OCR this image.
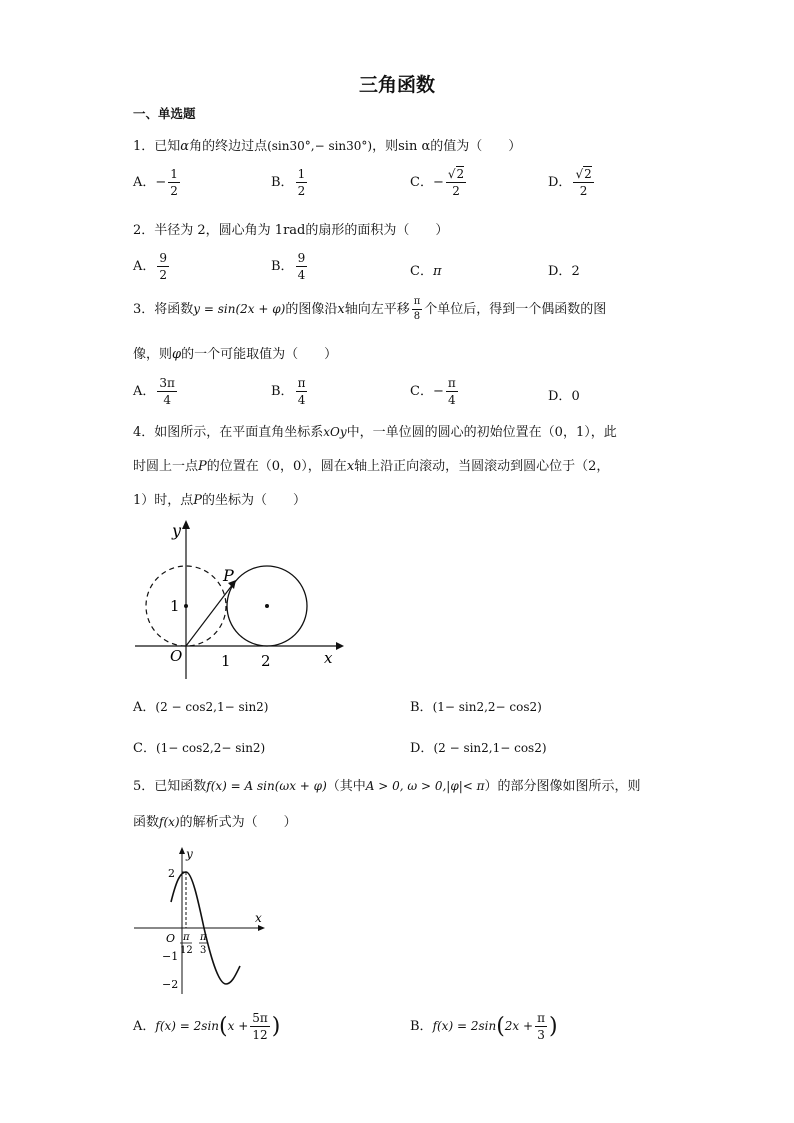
三角函数
一、单选题
1．已知α角的终边过点(sin30°,− sin30°)，则sin α的值为（　　）
A．− $\frac{1}{2}$	B． $\frac{1}{2}$	C．− $\frac{√2}{2}$	D． $\frac{√2}{2}$
2．半径为 2，圆心角为 1rad的扇形的面积为（　　）
A． $\frac{9}{2}$	B． $\frac{9}{4}$	C．π	D．2
3．将函数y = sin(2x + φ)的图像沿x轴向左平移 $\frac{\pi}{8}$ 个单位后，得到一个偶函数的图
像，则φ的一个可能取值为（　　）
A． $\frac{3\pi}{4}$	B． $\frac{\pi}{4}$	C．− $\frac{\pi}{4}$	D．0
4．如图所示，在平面直角坐标系xOy中，一单位圆的圆心的初始位置在（0，1），此
时圆上一点P的位置在（0，0），圆在x轴上沿正向滚动，当圆滚动到圆心位于（2，
1）时，点P的坐标为（　　）
y
x
O
P
1
1 2
A．(2 − cos2,1− sin2)	B．(1− sin2,2− cos2)
C．(1− cos2,2− sin2)	D．(2 − sin2,1− cos2)
5．已知函数f(x) = A sin(ωx + φ)（其中A > 0, ω > 0,|φ|< π）的部分图像如图所示，则
函数f(x)的解析式为（　　）
y
x
O
2
−1
−2
π
12
π
3
A．$f(x) = 2\sin(x + \frac{5\pi}{12}$ )	B．$f(x) = 2\sin(2x + \frac{\pi}{3}$ )
